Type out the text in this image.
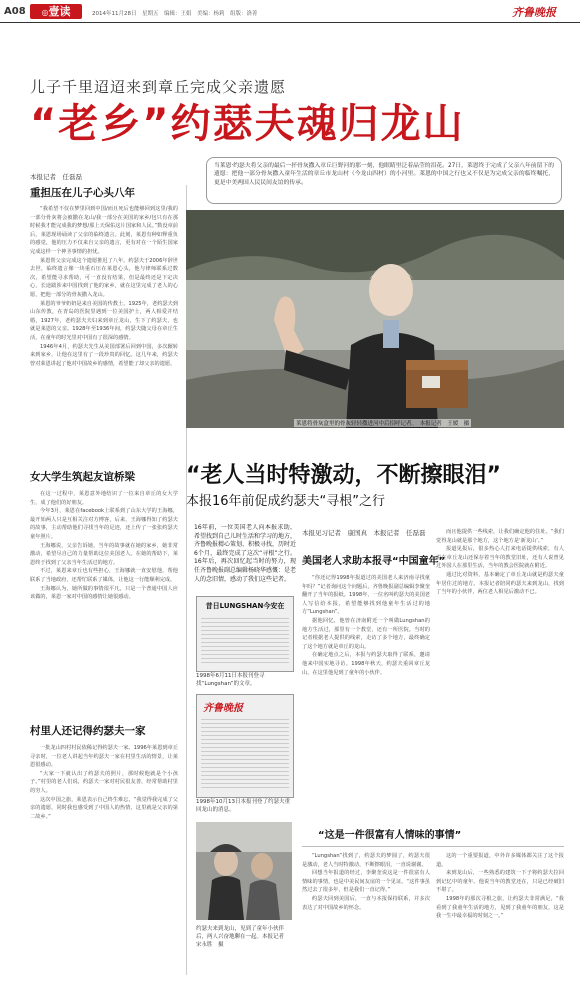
A08	◎壹读	2014年11月28日　星期五　编辑：王娟　美编：杨莉　组版：洛菁	齐鲁晚报
儿子千里迢迢来到章丘完成父亲遗愿
“老乡”约瑟夫魂归龙山
本报记者　任磊磊
当莱恩·约瑟夫将父亲的最后一抔骨灰撒入章丘巨野河的那一刻，他眼睛里泛着晶莹的泪花。27日，莱恩终于完成了父亲八年前留下的遗愿：把他一部分骨灰撒入童年生活的章丘市龙山村（今龙山四村）的小河里。莱恩的中国之行也又不仅是为完成父亲的临终嘱托，更是中美两国人民民间友谊的传承。
重担压在儿子心头八年

“我希望不仅在梦里回到中国/而且死后也能够回到这里/我的一部分骨灰将会被撒在龙山/我一部分在美国的家乡/包只有在那时候我才能完成我的梦想/那上天保佑这片国家和人民。”数没章前后，莱恩现场诵读了父亲的临终遗言。此刻，莱恩有种如释重负的感觉，他的压力不仅来自父亲的遗言，更有对在一个陌生国家完成这样一个神圣事情的担忧。

莱恩帮父亲完成这个遗愿推迟了八年。约瑟夫于2006年辞世去世，临终遗言像一块重石压在莱恩心头，他与律师联系过数次，希望能寻求帮助，可一直没有结果，但是最终还是下定决心，长途跋涉来中国找到了他的家乡，就在这里完成了老人的心愿，把他一部分的骨灰撒入龙山。

莱恩的爷爷奶奶是来自美国的传教士，1925年，老约瑟夫到山东传教，在青岛的医院里遇到一位美国护士，两人相爱并结婚，1927年，老约瑟夫夫妇来到章丘龙山，生下了约瑟夫，也就是莱恩的父亲。1928年至1936年间，约瑟夫随父母在章丘生活，在童年的时光里对中国有了很深的感情。

1946年4月，约瑟夫先生从美国部署后回到中国，多次辗转来到家乡，让他在这里有了一段珍贵的回忆。这几年来，约瑟夫曾对莱恩讲起了他对中国故乡的感情，希望能了却父亲的遗愿。

女大学生筑起友谊桥梁

在这一过程中，莱恩意外地结识了一位来自章丘的女大学生，成了他们的好朋友。

今年3月，莱恩在facebook上联系到了山东大学的王海娜，最开始两人只是互相关注对方博客，后来，王海娜得知了约瑟夫的故事，主动帮助他们寻找当年的足迹，还上传了一张张约瑟夫童年照片。

王海娜说，父亲告诉她，当年的故事就在她的家乡，她非常激动，希望尽自己的力量帮助这位美国老人。在她的帮助下，莱恩终于找到了父亲当年生活过的地方。

不过，莱恩来章丘也有些担心，王海娜就一直安慰他，帮他联系了当地政府，还帮忙联系了媒体，让他这一行能顺利完成。

王海娜认为，她所做的事情很平凡，只是一个普通中国人应该做的，莱恩一家对中国的感情让她很感动。

村里人还记得约瑟夫一家

一批龙山四村村民依稀记得约瑟夫一家。1996年莱恩到章丘寻亲时，一位老人讲起当年约瑟夫一家在村里生活的情景，让莱恩很感动。

“大家一下就认出了约瑟夫的照片，那时候他就是个小孩子。”村里的老人们说，约瑟夫一家对村民很友善，经常帮助村里的穷人。

这次中国之旅，莱恩表示自己终生难忘，“我觉得我完成了父亲的遗愿，同时我也感受到了中国人的热情，这里就是父亲的第二故乡。”

莱恩将骨灰盒里的骨灰轻轻撒进河中后招呼记者。　本报记者　王媛　摄
“老人当时特激动，不断擦眼泪”
本报16年前促成约瑟夫“寻根”之行
16年前，一位美国老人向本报求助，希望找到自己儿时生活和学习的地方，齐鲁晚报精心策划、积极寻找，历时近6个月，最终完成了这次“寻根”之行。16年后，再次回忆起当时的努力，现任齐鲁晚报副总编辑杨晓华感慨：是老人的念旧情，感动了我们这些记者。
昔日LUNGSHAN今安在
1998年6月11日本报刊登寻找“Lungshan”的文章。
齐鲁晚报
1998年10月13日本报刊登了约瑟夫重回龙山的消息。
约瑟夫来到龙山，见到了童年小伙伴后，两人兴奋地聊在一起。本报记者　宋永胜　摄
本报见习记者　康国真　本报记者　任磊磊
美国老人求助本报寻“中国童年”

“你还记得1998年报道过的美国老人来济南寻找童年吗？”记者询问这个问题后，齐鲁晚报副总编辑李聚奎翻开了当年的报纸。1998年，一位名叫约瑟夫的美国老人写信给本报，希望能够找到他童年生活过的地方“Lungshan”。

据他回忆，他曾在济南附近一个叫做Lungshan的地方生活过，那里有一个教堂，还有一所医院。当时的记者根据老人提供的线索，走访了多个地方，最终确定了这个地方就是章丘的龙山。

在确定地点之后，本报与约瑟夫取得了联系，邀请他来中国实地寻访。1998年秋天，约瑟夫重回章丘龙山，在这里他见到了童年的小伙伴。

而且他提供一些线索，让我们确定他的住址。“我们觉得龙山就是那个地方，这个地方是‘新龙山’。”

报道见报后，很多热心人打来电话提供线索，有人说在章丘龙山还保存着当年的教堂旧址，还有人说曾见过外国人在那里生活，当年的教会医院就在附近。

通过比对资料，基本确定了章丘龙山就是约瑟夫童年居住过的地方。本报记者陪同约瑟夫来到龙山，找到了当年的小伙伴，两位老人相见后激动不已。

“这是一件很富有人情味的事情”

“Lungshan”找到了，约瑟夫的梦圆了，约瑟夫很是激动，老人当时特激动，不断擦眼泪，一直说谢谢。

回想当年报道的经过，李聚奎说这是一件很富有人情味的事情，也是中美民间友谊的一个见证。“这件事虽然过去了很多年，但是我们一直记得。”

约瑟夫回到美国后，一直与本报保持联系，并多次表达了对中国故乡的怀念。

这的一个重要报道，中外许多媒体都关注了这个报道。

来到龙山后，一些熟悉的建筑一下子将约瑟夫拉回到记忆中的童年。他说当年的教堂还在，只是已经破旧不堪了。

1998年的那次寻根之旅，让约瑟夫非常满足，“我看到了我童年生活的地方，见到了我童年的朋友，这是我一生中最幸福的时刻之一。”
